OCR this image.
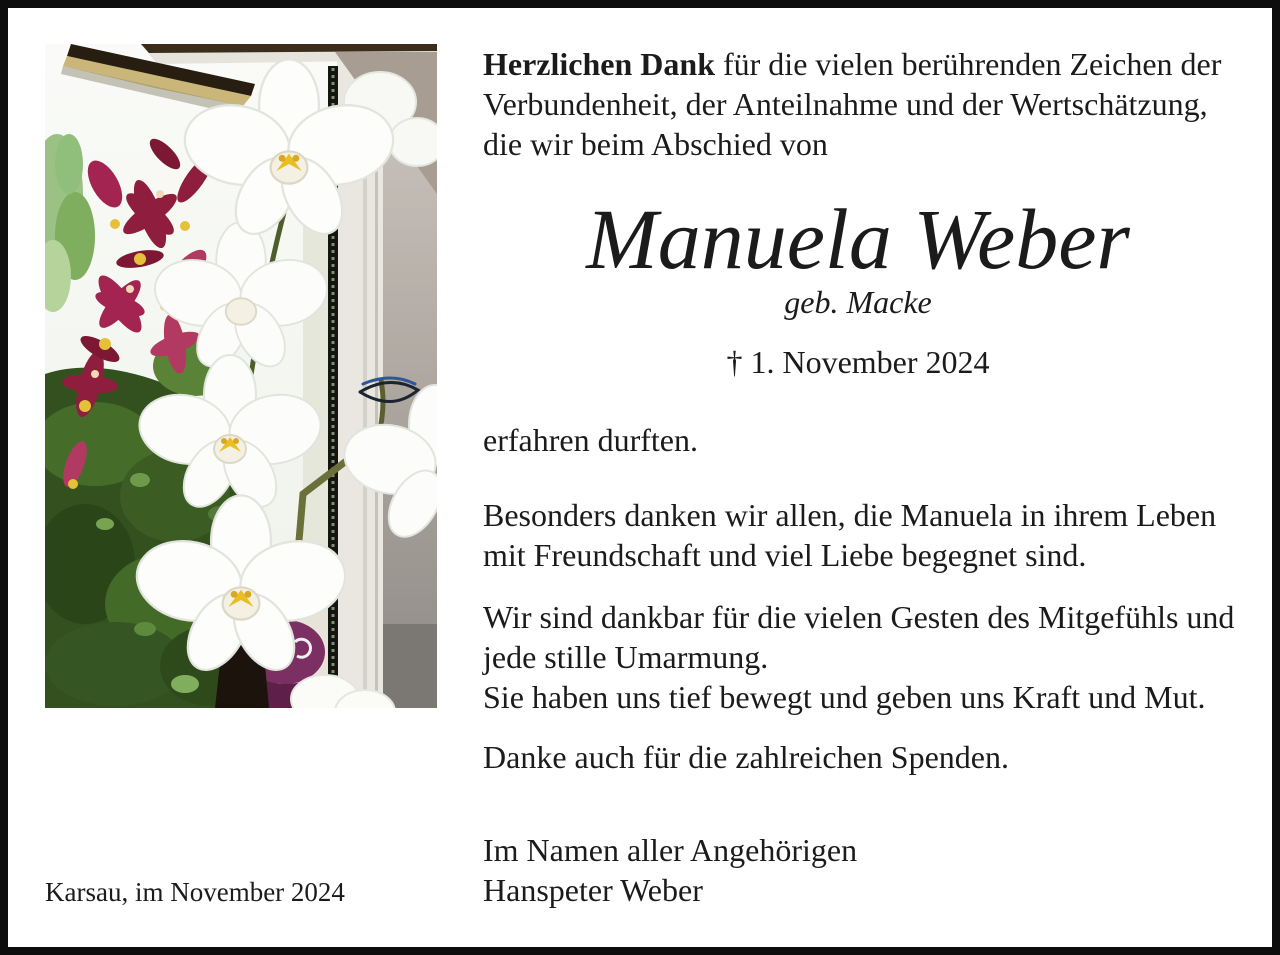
Herzlichen Dank für die vielen berührenden Zeichen der
Verbundenheit, der Anteilnahme und der Wertschätzung,
die wir beim Abschied von
Manuela Weber
geb. Macke
† 1. November 2024
erfahren durften.
Besonders danken wir allen, die Manuela in ihrem Leben
mit Freundschaft und viel Liebe begegnet sind.
Wir sind dankbar für die vielen Gesten des Mitgefühls und
jede stille Umarmung.
Sie haben uns tief bewegt und geben uns Kraft und Mut.
Danke auch für die zahlreichen Spenden.
Im Namen aller Angehörigen
Hanspeter Weber
Karsau, im November 2024
